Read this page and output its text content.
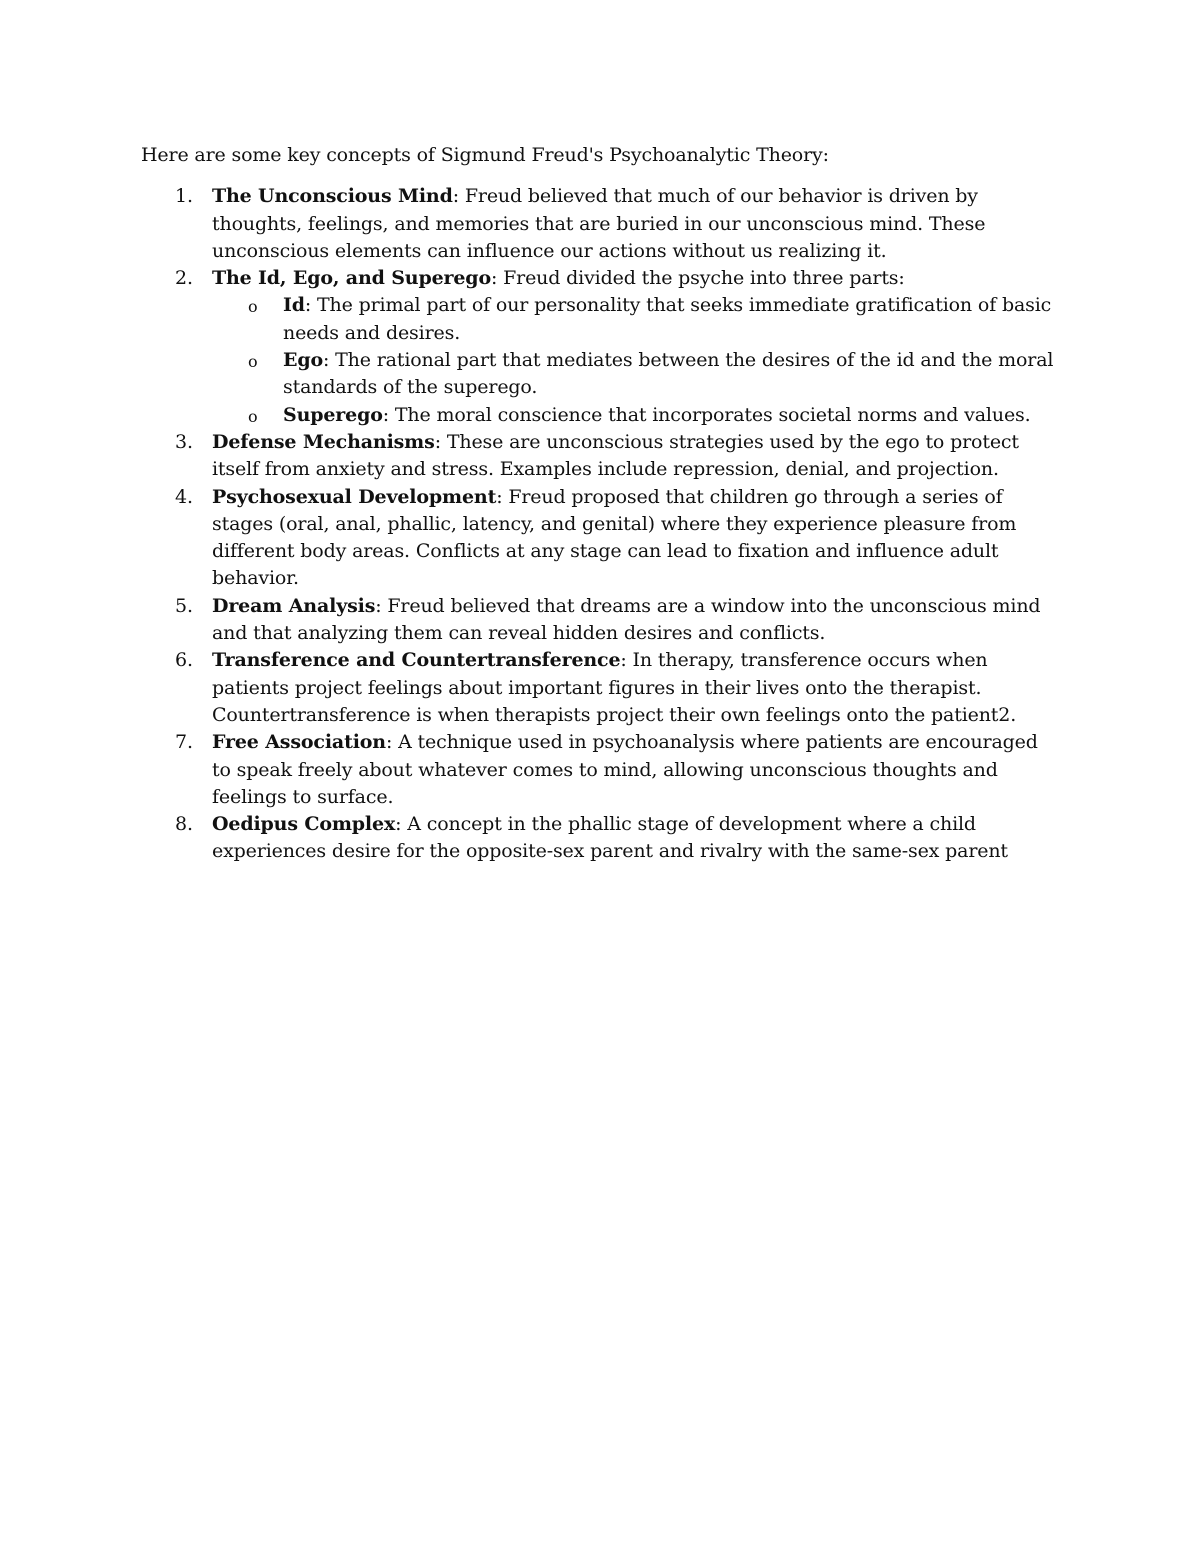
Here are some key concepts of Sigmund Freud's Psychoanalytic Theory:

1. The Unconscious Mind: Freud believed that much of our behavior is driven by thoughts, feelings, and memories that are buried in our unconscious mind. These unconscious elements can influence our actions without us realizing it.
2. The Id, Ego, and Superego: Freud divided the psyche into three parts:
o Id: The primal part of our personality that seeks immediate gratification of basic needs and desires.
o Ego: The rational part that mediates between the desires of the id and the moral standards of the superego.
o Superego: The moral conscience that incorporates societal norms and values.
3. Defense Mechanisms: These are unconscious strategies used by the ego to protect itself from anxiety and stress. Examples include repression, denial, and projection.
4. Psychosexual Development: Freud proposed that children go through a series of stages (oral, anal, phallic, latency, and genital) where they experience pleasure from different body areas. Conflicts at any stage can lead to fixation and influence adult behavior.
5. Dream Analysis: Freud believed that dreams are a window into the unconscious mind and that analyzing them can reveal hidden desires and conflicts.
6. Transference and Countertransference: In therapy, transference occurs when patients project feelings about important figures in their lives onto the therapist. Countertransference is when therapists project their own feelings onto the patient2.
7. Free Association: A technique used in psychoanalysis where patients are encouraged to speak freely about whatever comes to mind, allowing unconscious thoughts and feelings to surface.
8. Oedipus Complex: A concept in the phallic stage of development where a child experiences desire for the opposite-sex parent and rivalry with the same-sex parent
